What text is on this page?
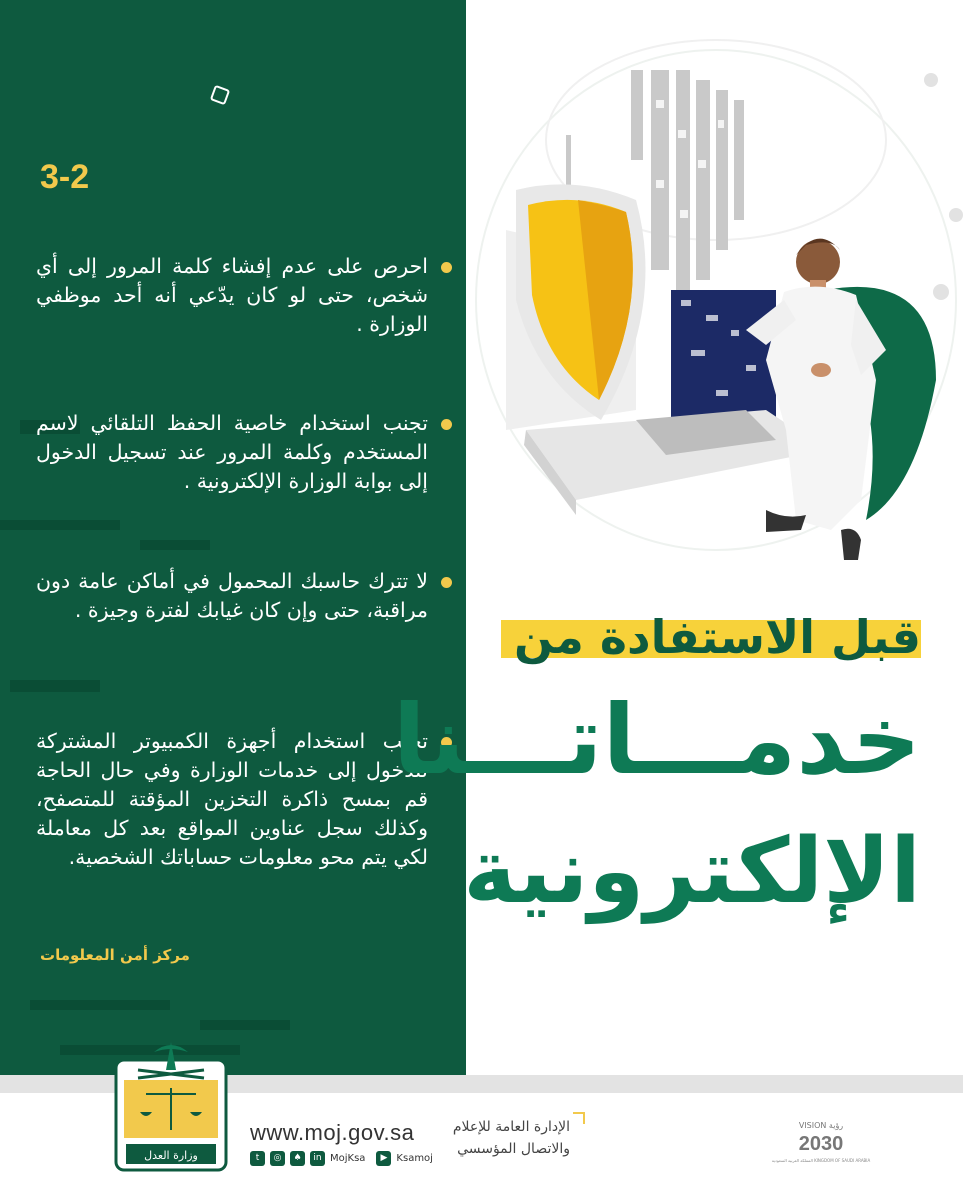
3-2
احرص على عدم إفشاء كلمة المرور إلى أي شخص، حتى لو كان يدّعي أنه أحد موظفي الوزارة .
تجنب استخدام خاصية الحفظ التلقائي لاسم المستخدم وكلمة المرور عند تسجيل الدخول إلى بوابة الوزارة الإلكترونية .
لا تترك حاسبك المحمول في أماكن عامة دون مراقبة، حتى وإن كان غيابك لفترة وجيزة .
تجنب استخدام أجهزة الكمبيوتر المشتركة للدخول إلى خدمات الوزارة وفي حال الحاجة قم بمسح ذاكرة التخزين المؤقتة للمتصفح، وكذلك سجل عناوين المواقع بعد كل معاملة لكي يتم محو معلومات حساباتك الشخصية.
مركز أمن المعلومات
قبل الاستفادة من
خدمـــاتـــنا
الإلكترونية
وزارة العدل
www.moj.gov.sa
t	◎	♠	in MojKsa	▶ Ksamoj
الإدارة العامة للإعلام
والاتصال المؤسسي
VISION رؤية
2030
المملكة العربية السعودية KINGDOM OF SAUDI ARABIA
